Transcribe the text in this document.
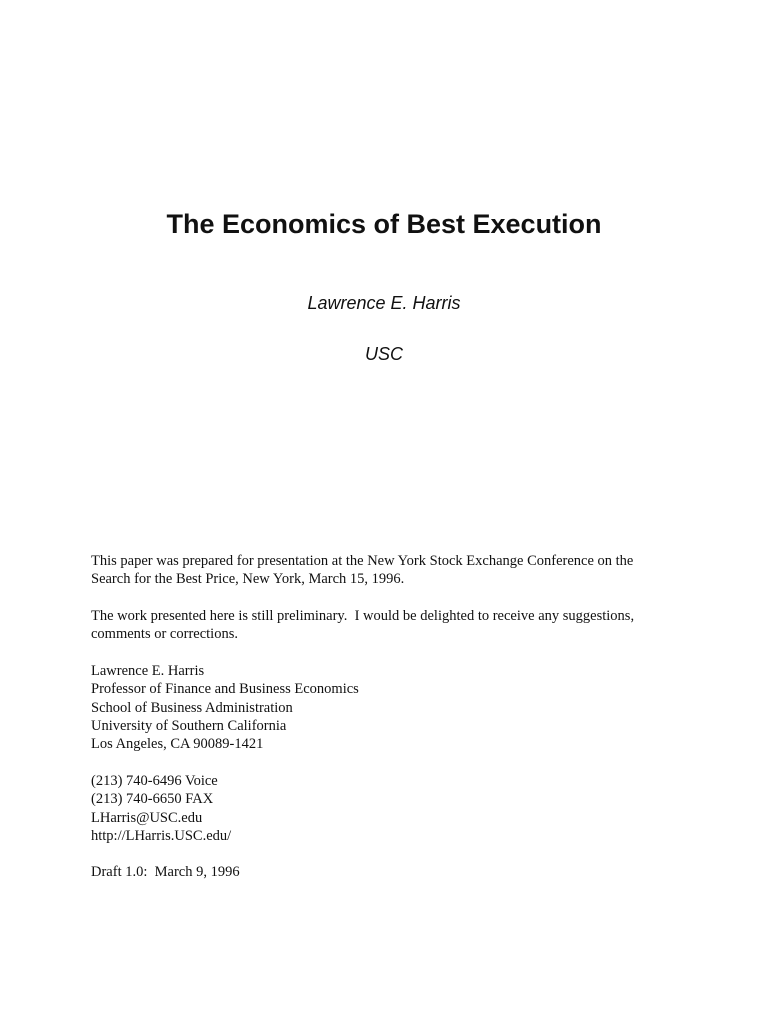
The Economics of Best Execution
Lawrence E. Harris
USC
This paper was prepared for presentation at the New York Stock Exchange Conference on the
Search for the Best Price, New York, March 15, 1996.
The work presented here is still preliminary.  I would be delighted to receive any suggestions,
comments or corrections.
Lawrence E. Harris
Professor of Finance and Business Economics
School of Business Administration
University of Southern California
Los Angeles, CA 90089-1421
(213) 740-6496 Voice
(213) 740-6650 FAX
LHarris@USC.edu
http://LHarris.USC.edu/
Draft 1.0:  March 9, 1996
